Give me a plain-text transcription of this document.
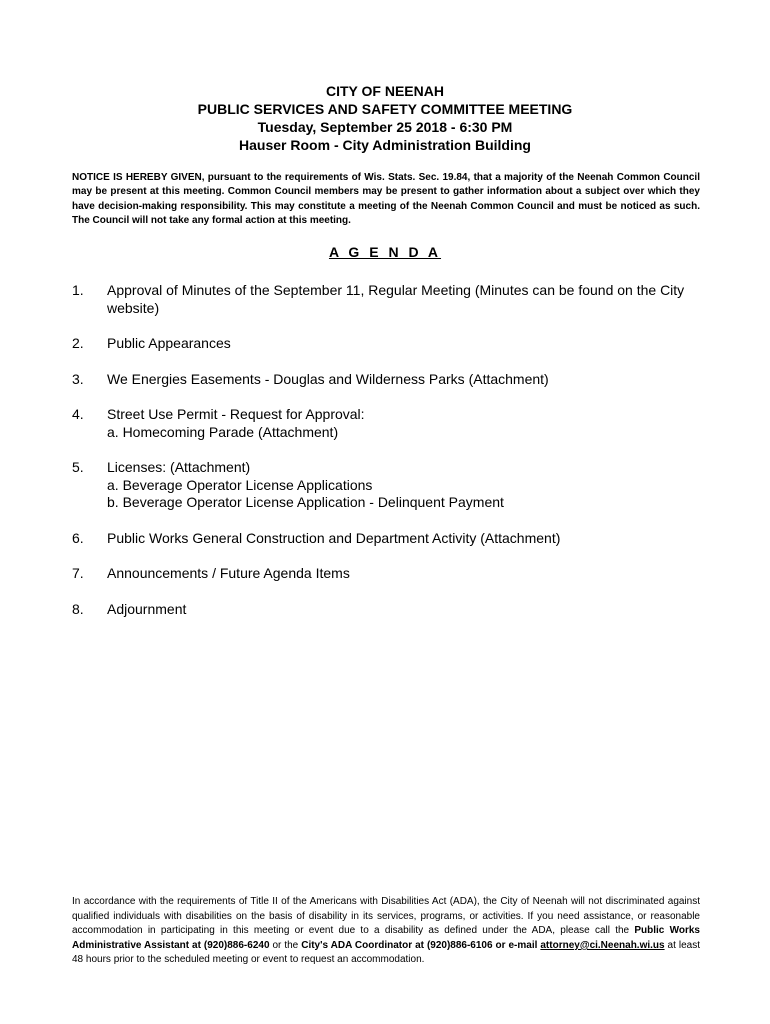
CITY OF NEENAH
PUBLIC SERVICES AND SAFETY COMMITTEE MEETING
Tuesday, September 25 2018 - 6:30 PM
Hauser Room - City Administration Building
NOTICE IS HEREBY GIVEN, pursuant to the requirements of Wis. Stats. Sec. 19.84, that a majority of the Neenah Common Council may be present at this meeting. Common Council members may be present to gather information about a subject over which they have decision-making responsibility. This may constitute a meeting of the Neenah Common Council and must be noticed as such. The Council will not take any formal action at this meeting.
A G E N D A
1. Approval of Minutes of the September 11, Regular Meeting (Minutes can be found on the City website)
2. Public Appearances
3. We Energies Easements - Douglas and Wilderness Parks (Attachment)
4. Street Use Permit - Request for Approval:
a. Homecoming Parade (Attachment)
5. Licenses: (Attachment)
a. Beverage Operator License Applications
b. Beverage Operator License Application - Delinquent Payment
6. Public Works General Construction and Department Activity (Attachment)
7. Announcements / Future Agenda Items
8. Adjournment
In accordance with the requirements of Title II of the Americans with Disabilities Act (ADA), the City of Neenah will not discriminated against qualified individuals with disabilities on the basis of disability in its services, programs, or activities. If you need assistance, or reasonable accommodation in participating in this meeting or event due to a disability as defined under the ADA, please call the Public Works Administrative Assistant at (920)886-6240 or the City's ADA Coordinator at (920)886-6106 or e-mail attorney@ci.Neenah.wi.us at least 48 hours prior to the scheduled meeting or event to request an accommodation.
